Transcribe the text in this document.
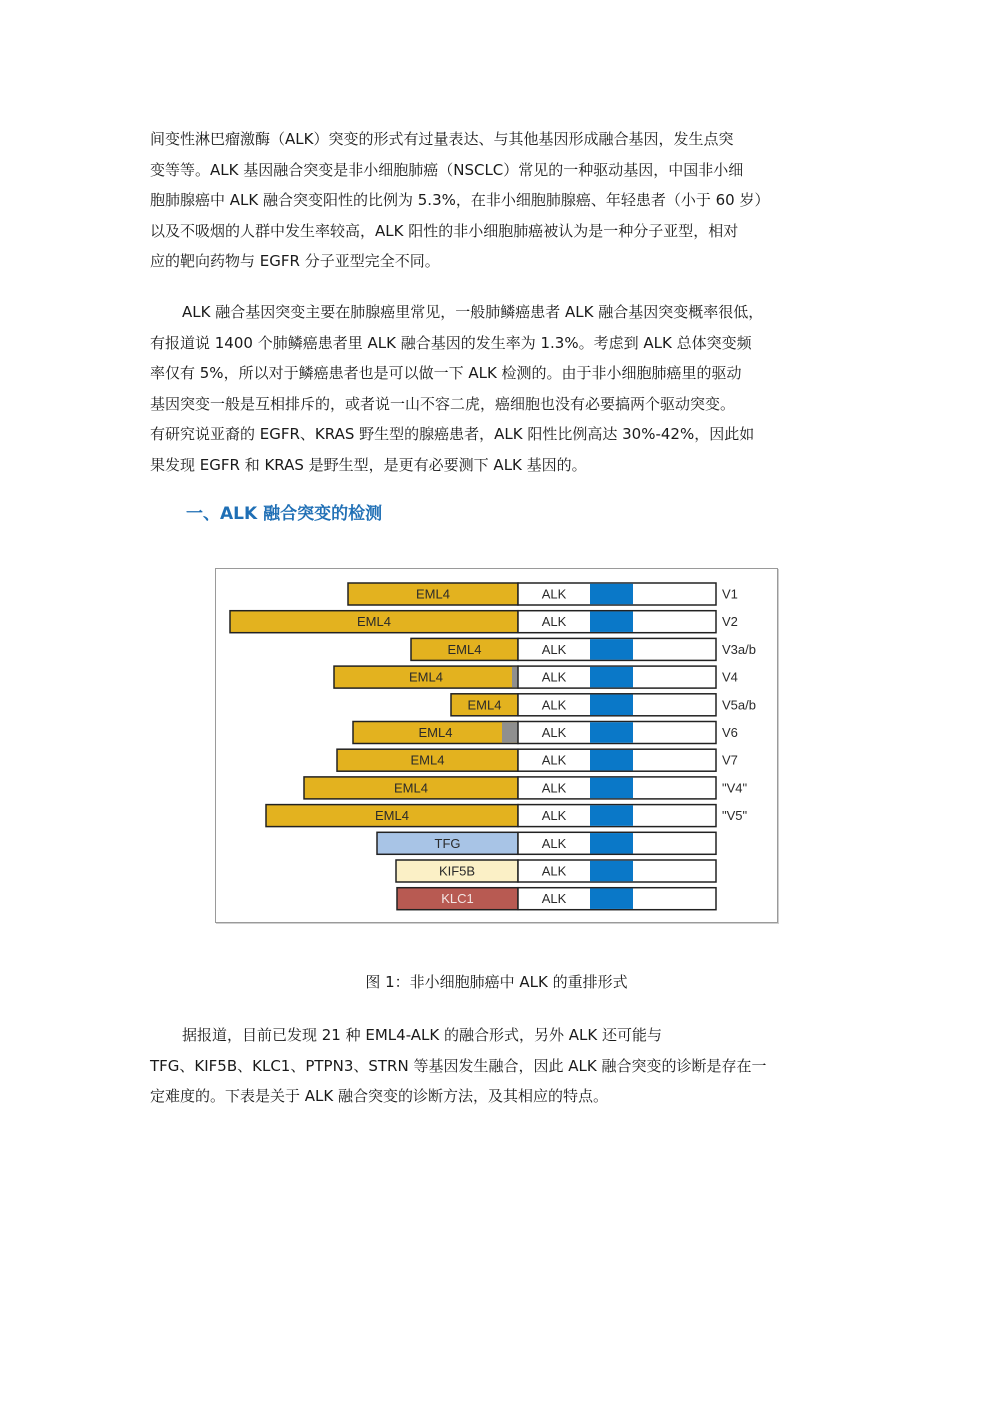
间变性淋巴瘤激酶（ALK）突变的形式有过量表达、与其他基因形成融合基因，发生点突
变等等。ALK 基因融合突变是非小细胞肺癌（NSCLC）常见的一种驱动基因，中国非小细
胞肺腺癌中 ALK 融合突变阳性的比例为 5.3%，在非小细胞肺腺癌、年轻患者（小于 60 岁）
以及不吸烟的人群中发生率较高，ALK 阳性的非小细胞肺癌被认为是一种分子亚型，相对
应的靶向药物与 EGFR 分子亚型完全不同。
ALK 融合基因突变主要在肺腺癌里常见，一般肺鳞癌患者 ALK 融合基因突变概率很低，
有报道说 1400 个肺鳞癌患者里 ALK 融合基因的发生率为 1.3%。考虑到 ALK 总体突变频
率仅有 5%，所以对于鳞癌患者也是可以做一下 ALK 检测的。由于非小细胞肺癌里的驱动
基因突变一般是互相排斥的，或者说一山不容二虎，癌细胞也没有必要搞两个驱动突变。
有研究说亚裔的 EGFR、KRAS 野生型的腺癌患者，ALK 阳性比例高达 30%-42%，因此如
果发现 EGFR 和 KRAS 是野生型，是更有必要测下 ALK 基因的。
一、ALK 融合突变的检测
EML4	ALK	V1
EML4	ALK	V2
EML4	ALK	V3a/b
EML4	ALK	V4
EML4	ALK	V5a/b
EML4	ALK	V6
EML4	ALK	V7
EML4	ALK	"V4"
EML4	ALK	"V5"
TFG	ALK
KIF5B	ALK
KLC1	ALK

图 1：非小细胞肺癌中 ALK 的重排形式

据报道，目前已发现 21 种 EML4-ALK 的融合形式，另外 ALK 还可能与
TFG、KIF5B、KLC1、PTPN3、STRN 等基因发生融合，因此 ALK 融合突变的诊断是存在一
定难度的。下表是关于 ALK 融合突变的诊断方法，及其相应的特点。
